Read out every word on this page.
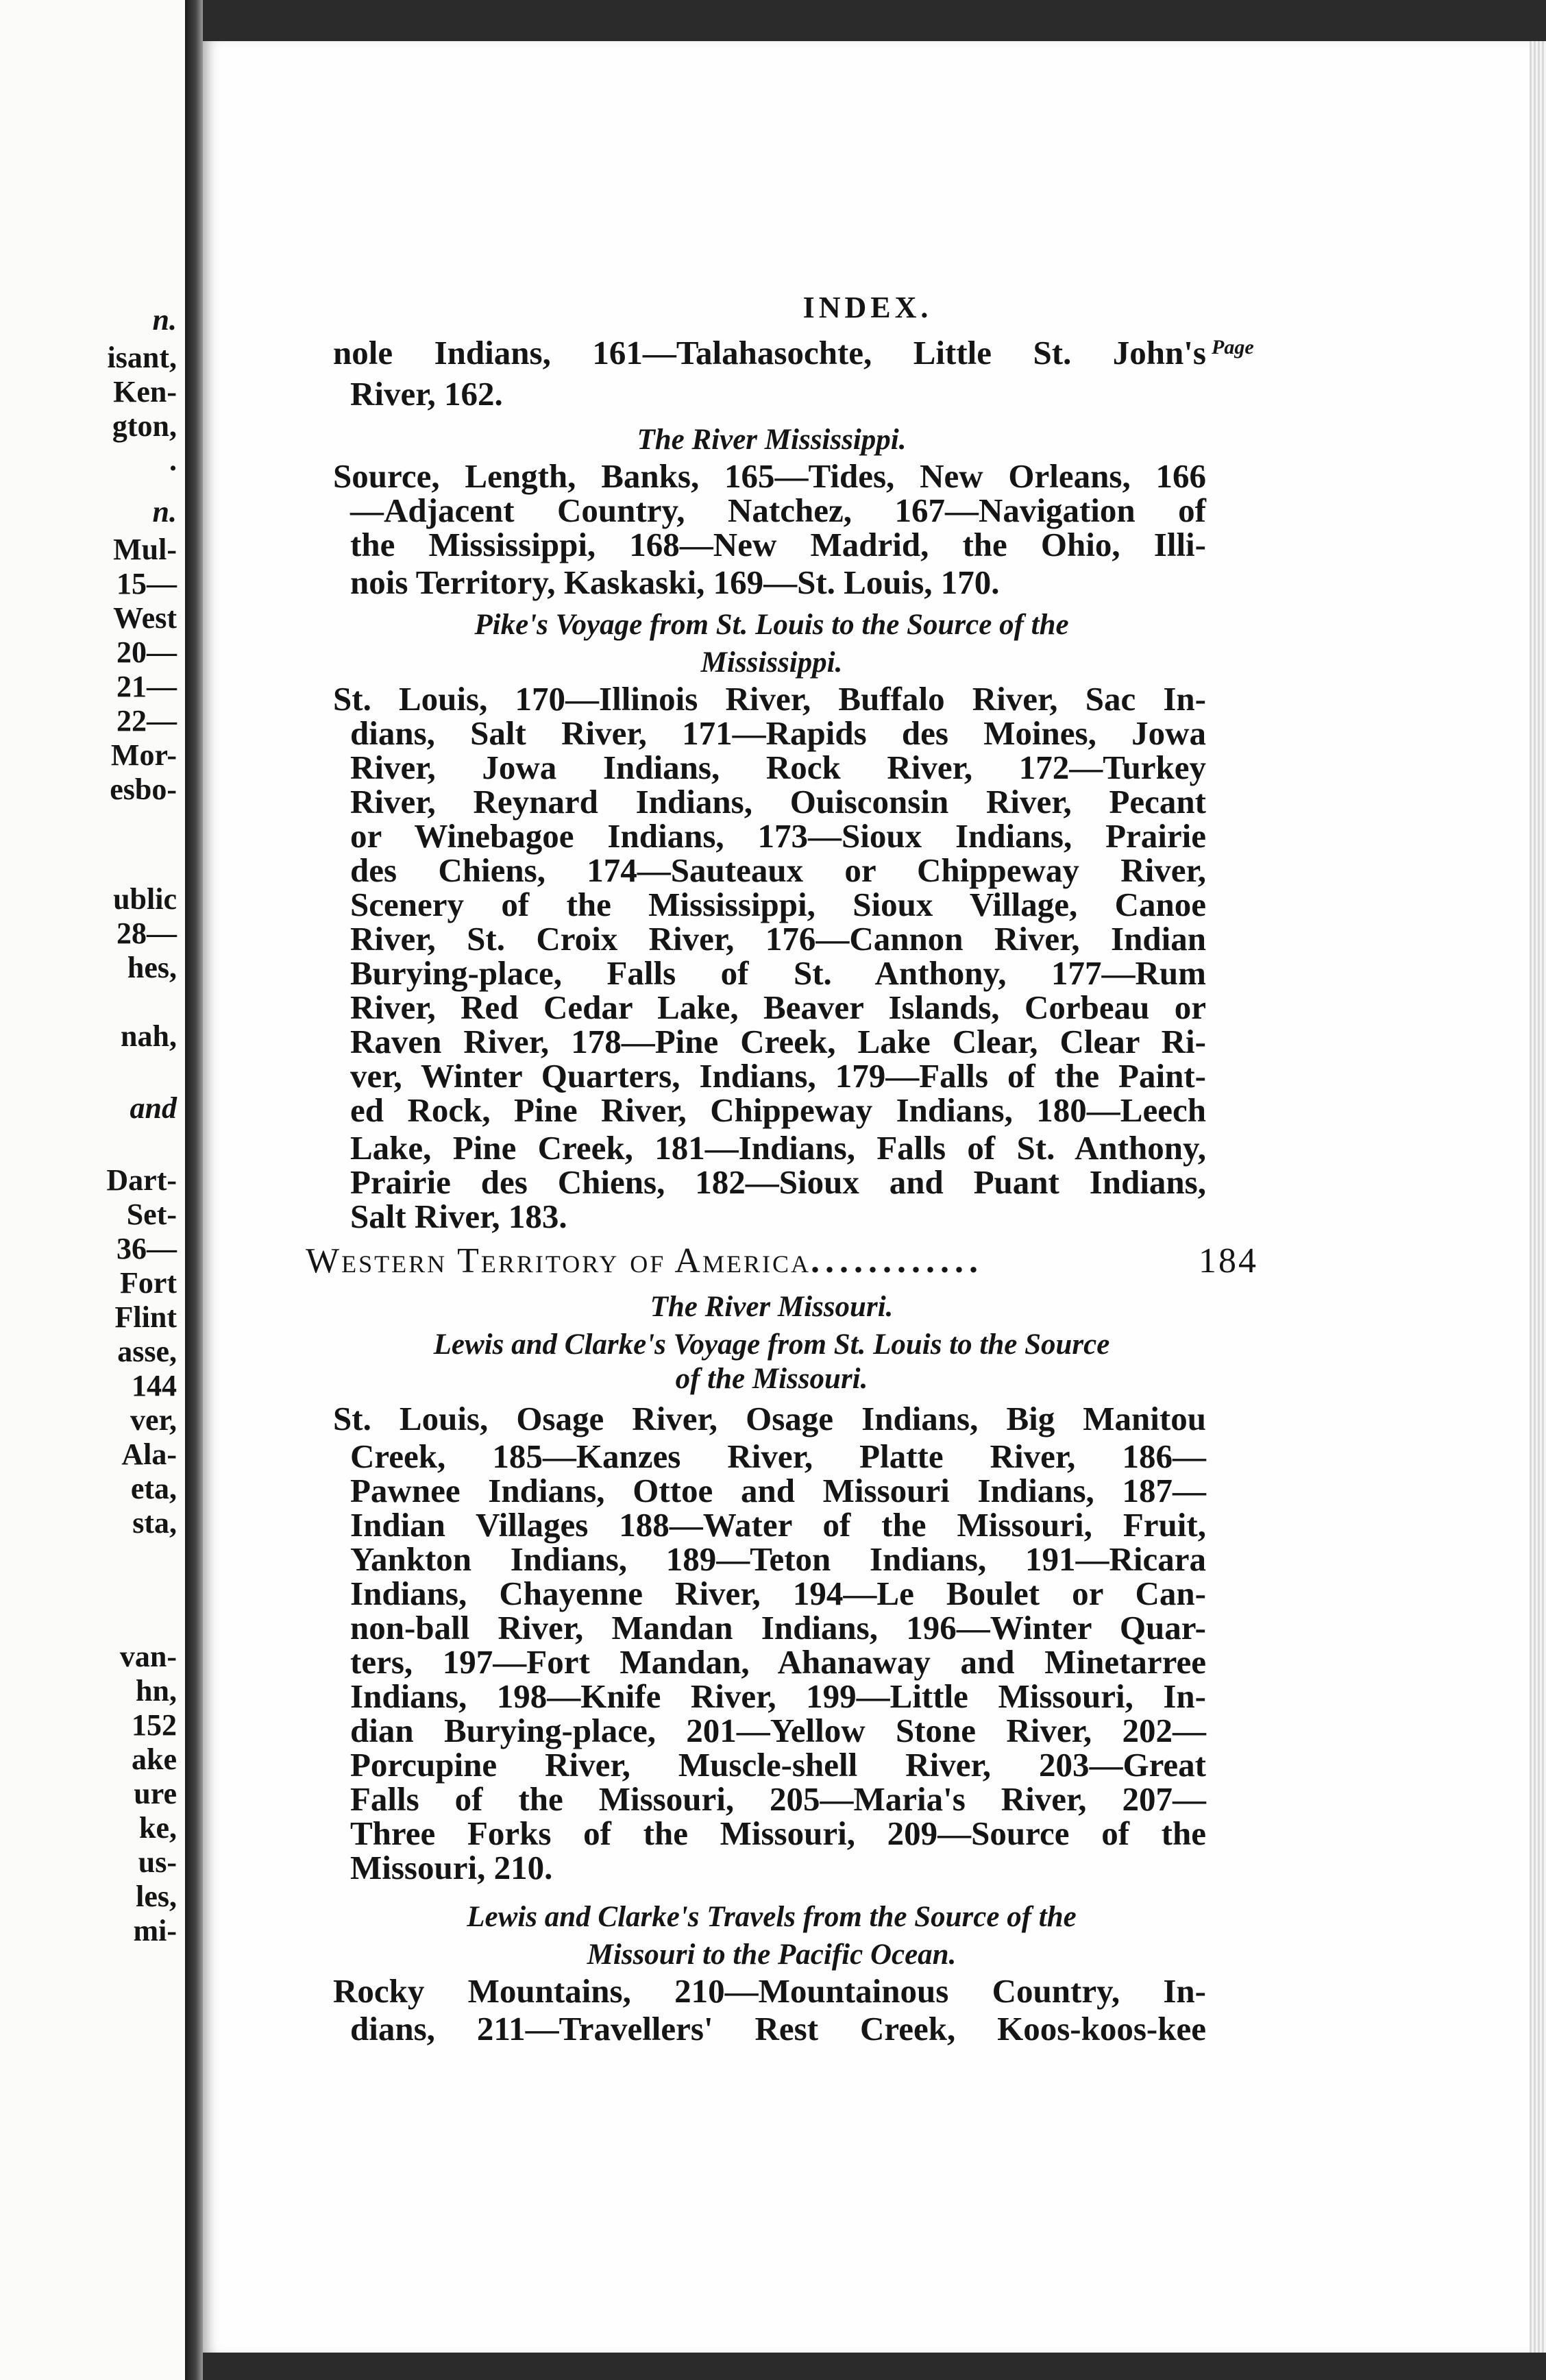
n.
isant,
Ken-
gton,
.
n.
Mul-
15—
West
20—
21—
22—
Mor-
esbo-
ublic
28—
hes,
nah,
and
Dart-
Set-
36—
Fort
Flint
asse,
144
ver,
Ala-
eta,
sta,
van-
hn,
152
ake
ure
ke,
us-
les,
mi-
INDEX.
Page
nole Indians, 161—Talahasochte, Little St. John's
River, 162.
The River Mississippi.
Source, Length, Banks, 165—Tides, New Orleans, 166
—Adjacent Country, Natchez, 167—Navigation of
the Mississippi, 168—New Madrid, the Ohio, Illi-
nois Territory, Kaskaski, 169—St. Louis, 170.
Pike's Voyage from St. Louis to the Source of the
Mississippi.
St. Louis, 170—Illinois River, Buffalo River, Sac In-
dians, Salt River, 171—Rapids des Moines, Jowa
River, Jowa Indians, Rock River, 172—Turkey
River, Reynard Indians, Ouisconsin River, Pecant
or Winebagoe Indians, 173—Sioux Indians, Prairie
des Chiens, 174—Sauteaux or Chippeway River,
Scenery of the Mississippi, Sioux Village, Canoe
River, St. Croix River, 176—Cannon River, Indian
Burying-place, Falls of St. Anthony, 177—Rum
River, Red Cedar Lake, Beaver Islands, Corbeau or
Raven River, 178—Pine Creek, Lake Clear, Clear Ri-
ver, Winter Quarters, Indians, 179—Falls of the Paint-
ed Rock, Pine River, Chippeway Indians, 180—Leech
Lake, Pine Creek, 181—Indians, Falls of St. Anthony,
Prairie des Chiens, 182—Sioux and Puant Indians,
Salt River, 183.
Western Territory of America ............	184
The River Missouri.
Lewis and Clarke's Voyage from St. Louis to the Source
of the Missouri.
St. Louis, Osage River, Osage Indians, Big Manitou
Creek, 185—Kanzes River, Platte River, 186—
Pawnee Indians, Ottoe and Missouri Indians, 187—
Indian Villages 188—Water of the Missouri, Fruit,
Yankton Indians, 189—Teton Indians, 191—Ricara
Indians, Chayenne River, 194—Le Boulet or Can-
non-ball River, Mandan Indians, 196—Winter Quar-
ters, 197—Fort Mandan, Ahanaway and Minetarree
Indians, 198—Knife River, 199—Little Missouri, In-
dian Burying-place, 201—Yellow Stone River, 202—
Porcupine River, Muscle-shell River, 203—Great
Falls of the Missouri, 205—Maria's River, 207—
Three Forks of the Missouri, 209—Source of the
Missouri, 210.
Lewis and Clarke's Travels from the Source of the
Missouri to the Pacific Ocean.
Rocky Mountains, 210—Mountainous Country, In-
dians, 211—Travellers' Rest Creek, Koos-koos-kee
